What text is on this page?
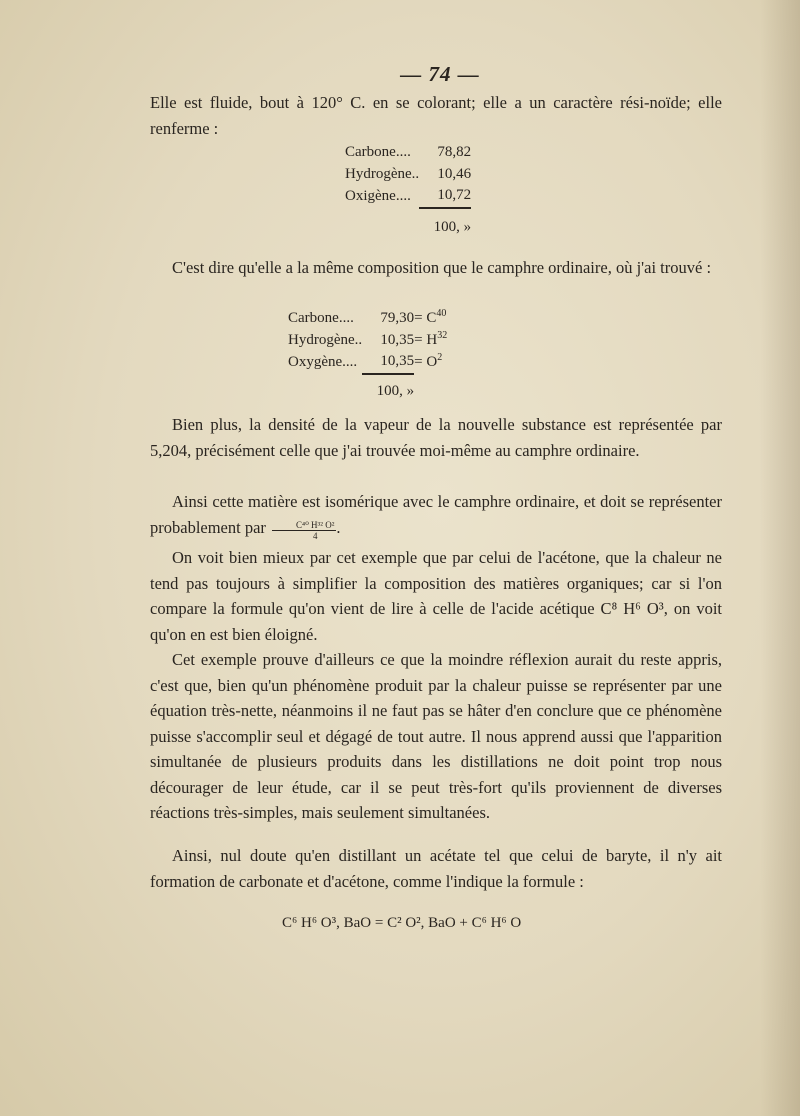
— 74 —

Elle est fluide, bout à 120° C. en se colorant; elle a un caractère rési-noïde; elle renferme :

Carbone....	78,82
Hydrogène..	10,46
Oxigène....	10,72
	100, »

C'est dire qu'elle a la même composition que le camphre ordinaire, où j'ai trouvé :

Carbone....	79,30	= $C^{40}$
Hydrogène..	10,35	= $H^{32}$
Oxygène....	10,35	= $O^2$
	100, »	

Bien plus, la densité de la vapeur de la nouvelle substance est représentée par 5,204, précisément celle que j'ai trouvée moi-même au camphre ordinaire.

Ainsi cette matière est isomérique avec le camphre ordinaire, et doit se représenter probablement par $\frac{\text{C⁴⁰ H³² O²}}{4}$ .

On voit bien mieux par cet exemple que par celui de l'acétone, que la chaleur ne tend pas toujours à simplifier la composition des matières organiques; car si l'on compare la formule qu'on vient de lire à celle de l'acide acétique C⁸ H⁶ O³, on voit qu'on en est bien éloigné.

Cet exemple prouve d'ailleurs ce que la moindre réflexion aurait du reste appris, c'est que, bien qu'un phénomène produit par la chaleur puisse se représenter par une équation très-nette, néanmoins il ne faut pas se hâter d'en conclure que ce phénomène puisse s'accomplir seul et dégagé de tout autre. Il nous apprend aussi que l'apparition simultanée de plusieurs produits dans les distillations ne doit point trop nous décourager de leur étude, car il se peut très-fort qu'ils proviennent de diverses réactions très-simples, mais seulement simultanées.

Ainsi, nul doute qu'en distillant un acétate tel que celui de baryte, il n'y ait formation de carbonate et d'acétone, comme l'indique la formule :

C⁶ H⁶ O³, BaO = C² O², BaO + C⁶ H⁶ O
